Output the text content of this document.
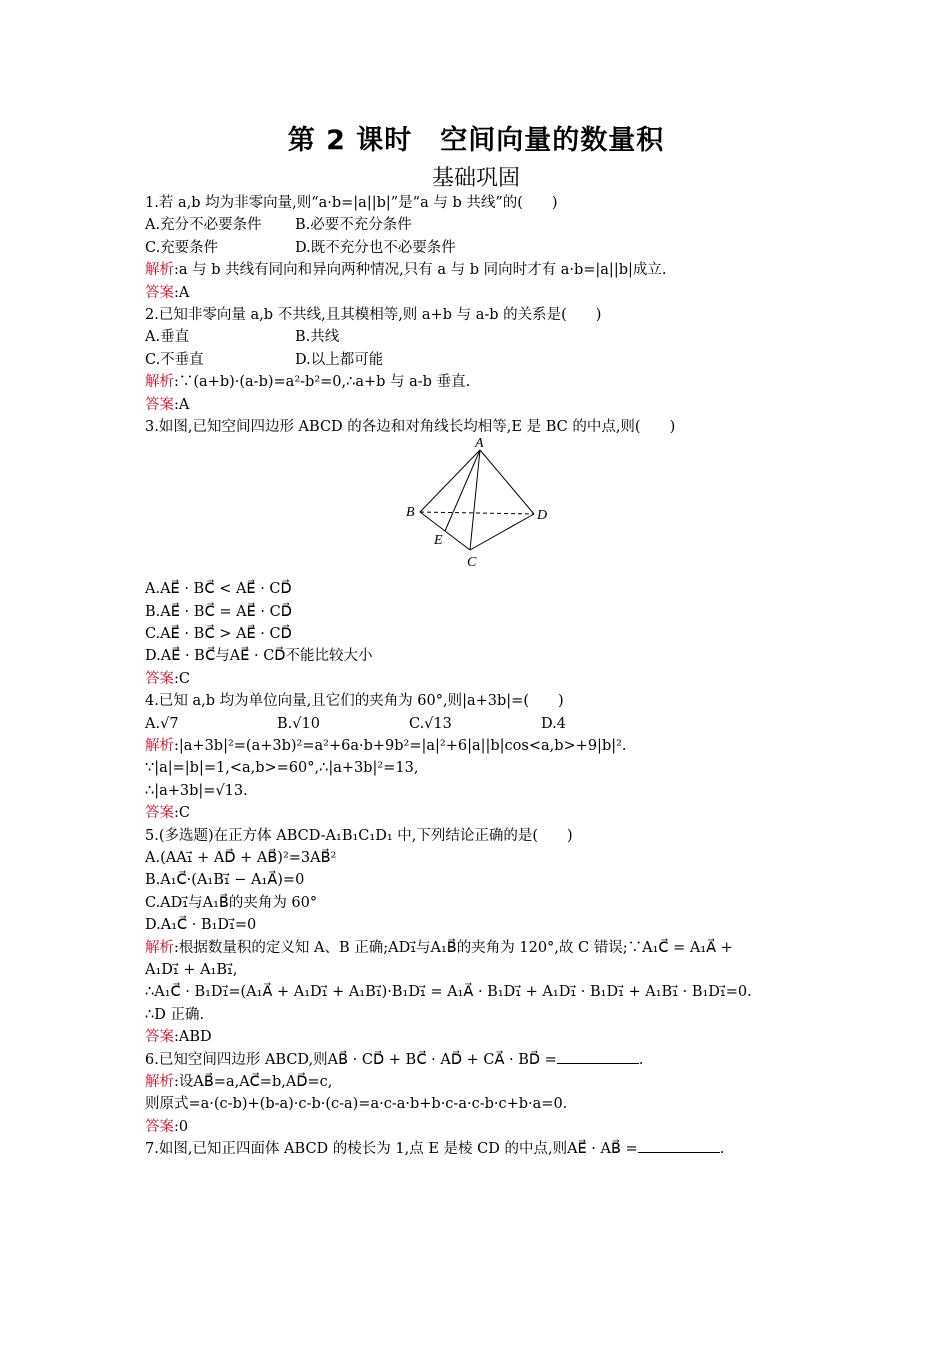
第 2 课时　空间向量的数量积
基础巩固
1.若 a,b 均为非零向量,则“a·b=|a||b|”是“a 与 b 共线”的(　　)
A.充分不必要条件 B.必要不充分条件
C.充要条件	D.既不充分也不必要条件
解析:a 与 b 共线有同向和异向两种情况,只有 a 与 b 同向时才有 a·b=|a||b|成立.
答案:A
2.已知非零向量 a,b 不共线,且其模相等,则 a+b 与 a-b 的关系是(　　)
A.垂直	B.共线
C.不垂直	D.以上都可能
解析:∵(a+b)·(a-b)=a²-b²=0,∴a+b 与 a-b 垂直.
答案:A
3.如图,已知空间四边形 ABCD 的各边和对角线长均相等,E 是 BC 的中点,则(　　)
A
B
C
D
E
A.AE⃗ · BC⃗ < AE⃗ · CD⃗
B.AE⃗ · BC⃗ = AE⃗ · CD⃗
C.AE⃗ · BC⃗ > AE⃗ · CD⃗
D.AE⃗ · BC⃗与AE⃗ · CD⃗不能比较大小
答案:C
4.已知 a,b 均为单位向量,且它们的夹角为 60°,则|a+3b|=(　　)
A.√7	B.√10	C.√13	D.4
解析:|a+3b|²=(a+3b)²=a²+6a·b+9b²=|a|²+6|a||b|cos<a,b>+9|b|².
∵|a|=|b|=1,<a,b>=60°,∴|a+3b|²=13,
∴|a+3b|=√13.
答案:C
5.(多选题)在正方体 ABCD-A₁B₁C₁D₁ 中,下列结论正确的是(　　)
A.(AA₁⃗ + AD⃗ + AB⃗)²=3AB⃗²
B.A₁C⃗·(A₁B₁⃗ − A₁A⃗)=0
C.AD₁⃗与A₁B⃗的夹角为 60°
D.A₁C⃗ · B₁D₁⃗=0
解析:根据数量积的定义知 A、B 正确;AD₁⃗与A₁B⃗的夹角为 120°,故 C 错误;∵A₁C⃗ = A₁A⃗ +
A₁D₁⃗ + A₁B₁⃗,
∴A₁C⃗ · B₁D₁⃗=(A₁A⃗ + A₁D₁⃗ + A₁B₁⃗)·B₁D₁⃗ = A₁A⃗ · B₁D₁⃗ + A₁D₁⃗ · B₁D₁⃗ + A₁B₁⃗ · B₁D₁⃗=0.
∴D 正确.
答案:ABD
6.已知空间四边形 ABCD,则AB⃗ · CD⃗ + BC⃗ · AD⃗ + CA⃗ · BD⃗ =	.
解析:设AB⃗=a,AC⃗=b,AD⃗=c,
则原式=a·(c-b)+(b-a)·c-b·(c-a)=a·c-a·b+b·c-a·c-b·c+b·a=0.
答案:0
7.如图,已知正四面体 ABCD 的棱长为 1,点 E 是棱 CD 的中点,则AE⃗ · AB⃗ =	.
